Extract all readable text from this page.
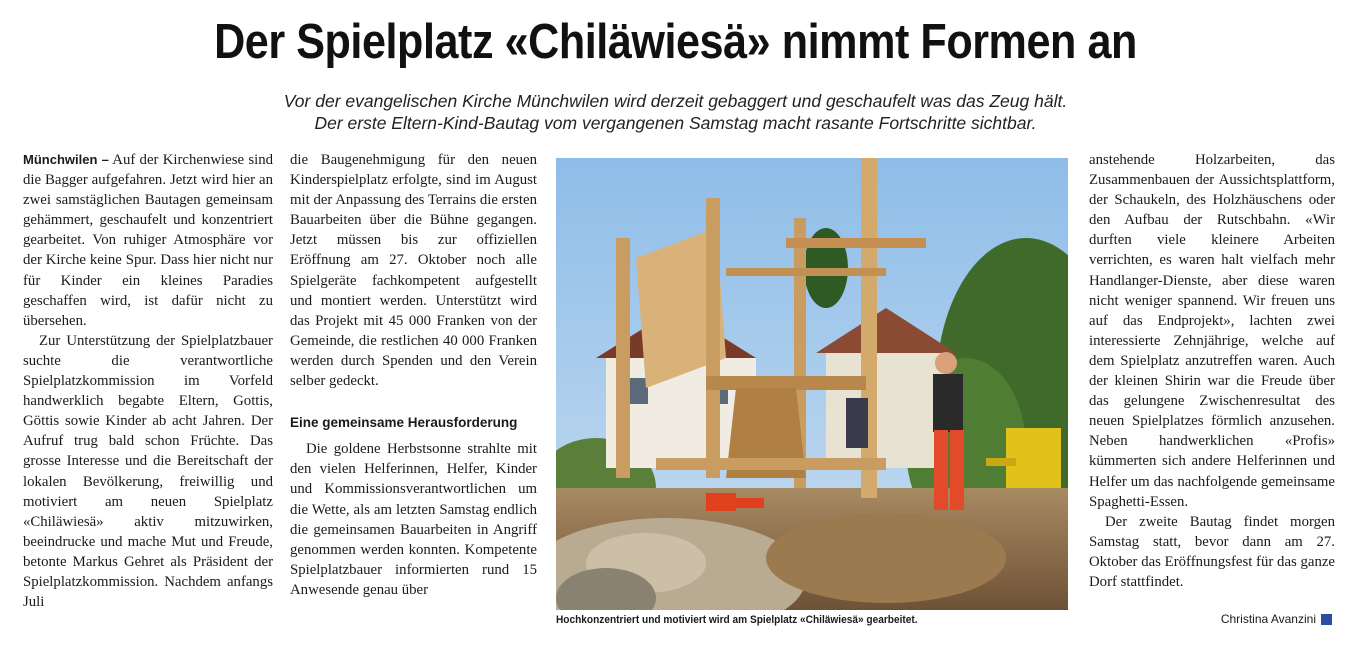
Der Spielplatz «Chiläwiesä» nimmt Formen an
Vor der evangelischen Kirche Münchwilen wird derzeit gebaggert und geschaufelt was das Zeug hält.
Der erste Eltern-Kind-Bautag vom vergangenen Samstag macht rasante Fortschritte sichtbar.

Münchwilen – Auf der Kirchenwiese sind die Bagger aufgefahren. Jetzt wird hier an zwei samstäglichen Bautagen gemeinsam gehämmert, geschaufelt und konzentriert gearbeitet. Von ruhiger Atmosphäre vor der Kirche keine Spur. Dass hier nicht nur für Kinder ein kleines Paradies geschaffen wird, ist dafür nicht zu übersehen.

Zur Unterstützung der Spielplatzbauer suchte die verantwortliche Spielplatzkommission im Vorfeld handwerklich begabte Eltern, Gottis, Göttis sowie Kinder ab acht Jahren. Der Aufruf trug bald schon Früchte. Das grosse Interesse und die Bereitschaft der lokalen Bevölkerung, freiwillig und motiviert am neuen Spielplatz «Chiläwiesä» aktiv mitzuwirken, beeindrucke und mache Mut und Freude, betonte Markus Gehret als Präsident der Spielplatzkommission. Nachdem anfangs Juli

die Baugenehmigung für den neuen Kinderspielplatz erfolgte, sind im August mit der Anpassung des Terrains die ersten Bauarbeiten über die Bühne gegangen. Jetzt müssen bis zur offiziellen Eröffnung am 27. Oktober noch alle Spielgeräte fachkompetent aufgestellt und montiert werden. Unterstützt wird das Projekt mit 45 000 Franken von der Gemeinde, die restlichen 40 000 Franken werden durch Spenden und den Verein selber gedeckt.

Eine gemeinsame Herausforderung

Die goldene Herbstsonne strahlte mit den vielen Helferinnen, Helfer, Kinder und Kommissionsverantwortlichen um die Wette, als am letzten Samstag endlich die gemeinsamen Bauarbeiten in Angriff genommen werden konnten. Kompetente Spielplatzbauer informierten rund 15 Anwesende genau über

Hochkonzentriert und motiviert wird am Spielplatz «Chiläwiesä» gearbeitet.

anstehende Holzarbeiten, das Zusammenbauen der Aussichtsplattform, der Schaukeln, des Holzhäuschens oder den Aufbau der Rutschbahn. «Wir durften viele kleinere Arbeiten verrichten, es waren halt vielfach mehr Handlanger-Dienste, aber diese waren nicht weniger spannend. Wir freuen uns auf das Endprojekt», lachten zwei interessierte Zehnjährige, welche auf dem Spielplatz anzutreffen waren. Auch der kleinen Shirin war die Freude über das gelungene Zwischenresultat des neuen Spielplatzes förmlich anzusehen. Neben handwerklichen «Profis» kümmerten sich andere Helferinnen und Helfer um das nachfolgende gemeinsame Spaghetti-Essen.

Der zweite Bautag findet morgen Samstag statt, bevor dann am 27. Oktober das Eröffnungsfest für das ganze Dorf stattfindet.

Christina Avanzini
